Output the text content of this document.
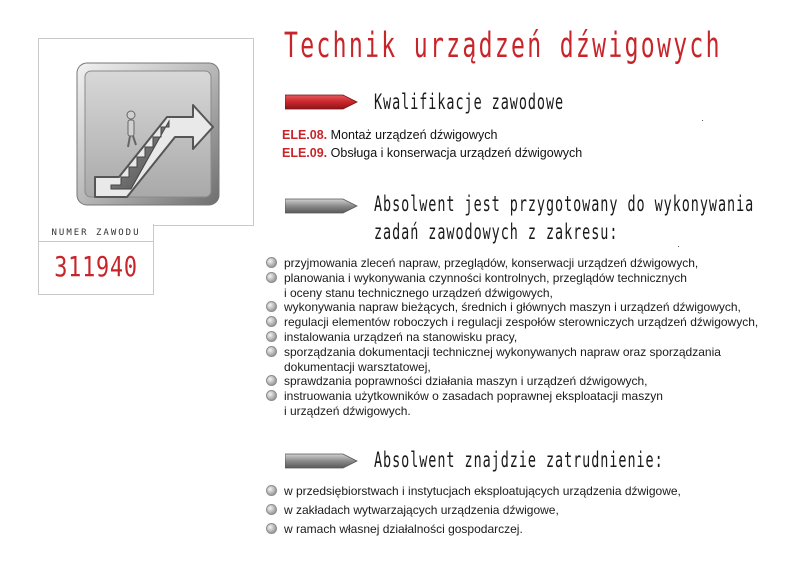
NUMER ZAWODU
311940
Technik urządzeń dźwigowych
Kwalifikacje zawodowe
ELE.08. Montaż urządzeń dźwigowych
ELE.09. Obsługa i konserwacja urządzeń dźwigowych
Absolwent jest przygotowany do wykonywania
zadań zawodowych z zakresu:
przyjmowania zleceń napraw, przeglądów, konserwacji urządzeń dźwigowych,
planowania i wykonywania czynności kontrolnych, przeglądów technicznych
i oceny stanu technicznego urządzeń dźwigowych,
wykonywania napraw bieżących, średnich i głównych maszyn i urządzeń dźwigowych,
regulacji elementów roboczych i regulacji zespołów sterowniczych urządzeń dźwigowych,
instalowania urządzeń na stanowisku pracy,
sporządzania dokumentacji technicznej wykonywanych napraw oraz sporządzania
dokumentacji warsztatowej,
sprawdzania poprawności działania maszyn i urządzeń dźwigowych,
instruowania użytkowników o zasadach poprawnej eksploatacji maszyn
i urządzeń dźwigowych.
Absolwent znajdzie zatrudnienie:
w przedsiębiorstwach i instytucjach eksploatujących urządzenia dźwigowe,
w zakładach wytwarzających urządzenia dźwigowe,
w ramach własnej działalności gospodarczej.
